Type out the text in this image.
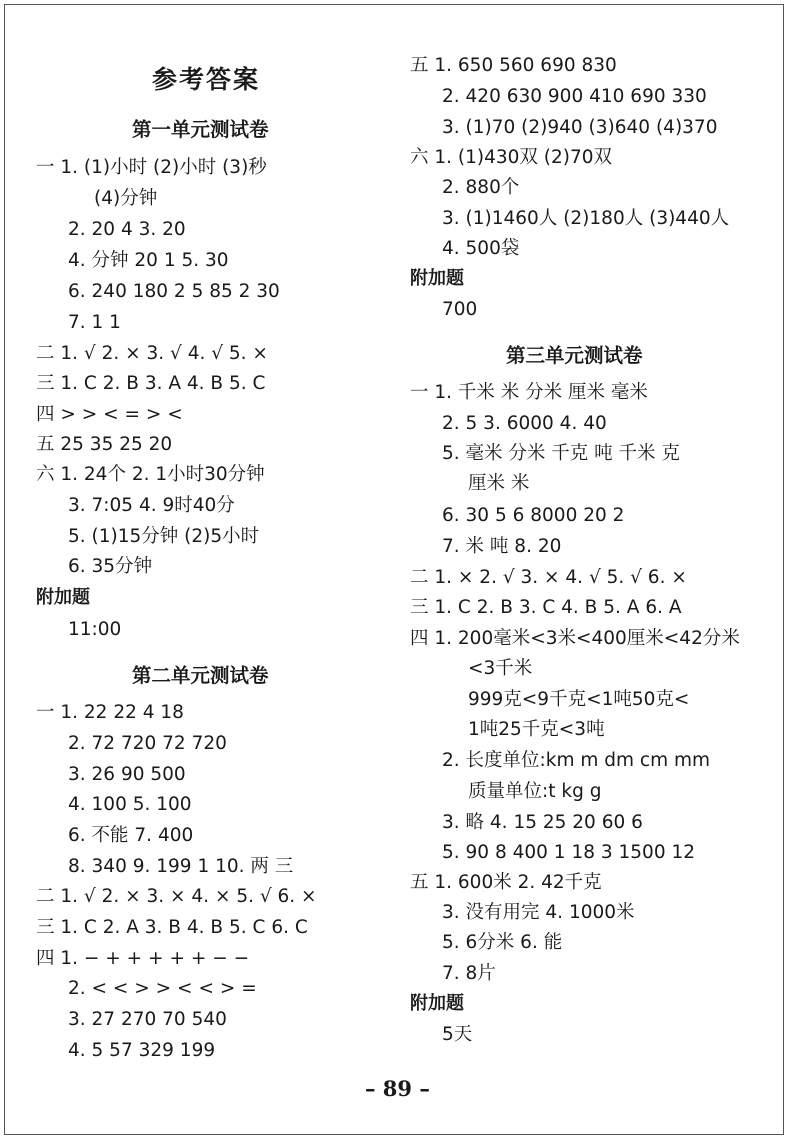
参考答案
第一单元测试卷
一 1. (1)小时 (2)小时 (3)秒
(4)分钟
2. 20 4 3. 20
4. 分钟 20 1 5. 30
6. 240 180 2 5 85 2 30
7. 1 1
二 1. √ 2. × 3. √ 4. √ 5. ×
三 1. C 2. B 3. A 4. B 5. C
四 > > < = > <
五 25 35 25 20
六 1. 24个 2. 1小时30分钟
3. 7:05 4. 9时40分
5. (1)15分钟 (2)5小时
6. 35分钟
附加题
11:00
第二单元测试卷
一 1. 22 22 4 18
2. 72 720 72 720
3. 26 90 500
4. 100 5. 100
6. 不能 7. 400
8. 340 9. 199 1 10. 两 三
二 1. √ 2. × 3. × 4. × 5. √ 6. ×
三 1. C 2. A 3. B 4. B 5. C 6. C
四 1. − + + + + + − −
2. < < > > < < > =
3. 27 270 70 540
4. 5 57 329 199
五 1. 650 560 690 830
2. 420 630 900 410 690 330
3. (1)70 (2)940 (3)640 (4)370
六 1. (1)430双 (2)70双
2. 880个
3. (1)1460人 (2)180人 (3)440人
4. 500袋
附加题
700
第三单元测试卷
一 1. 千米 米 分米 厘米 毫米
2. 5 3. 6000 4. 40
5. 毫米 分米 千克 吨 千米 克
厘米 米
6. 30 5 6 8000 20 2
7. 米 吨 8. 20
二 1. × 2. √ 3. × 4. √ 5. √ 6. ×
三 1. C 2. B 3. C 4. B 5. A 6. A
四 1. 200毫米<3米<400厘米<42分米
<3千米
999克<9千克<1吨50克<
1吨25千克<3吨
2. 长度单位:km m dm cm mm
质量单位:t kg g
3. 略 4. 15 25 20 60 6
5. 90 8 400 1 18 3 1500 12
五 1. 600米 2. 42千克
3. 没有用完 4. 1000米
5. 6分米 6. 能
7. 8片
附加题
5天
– 89 –
